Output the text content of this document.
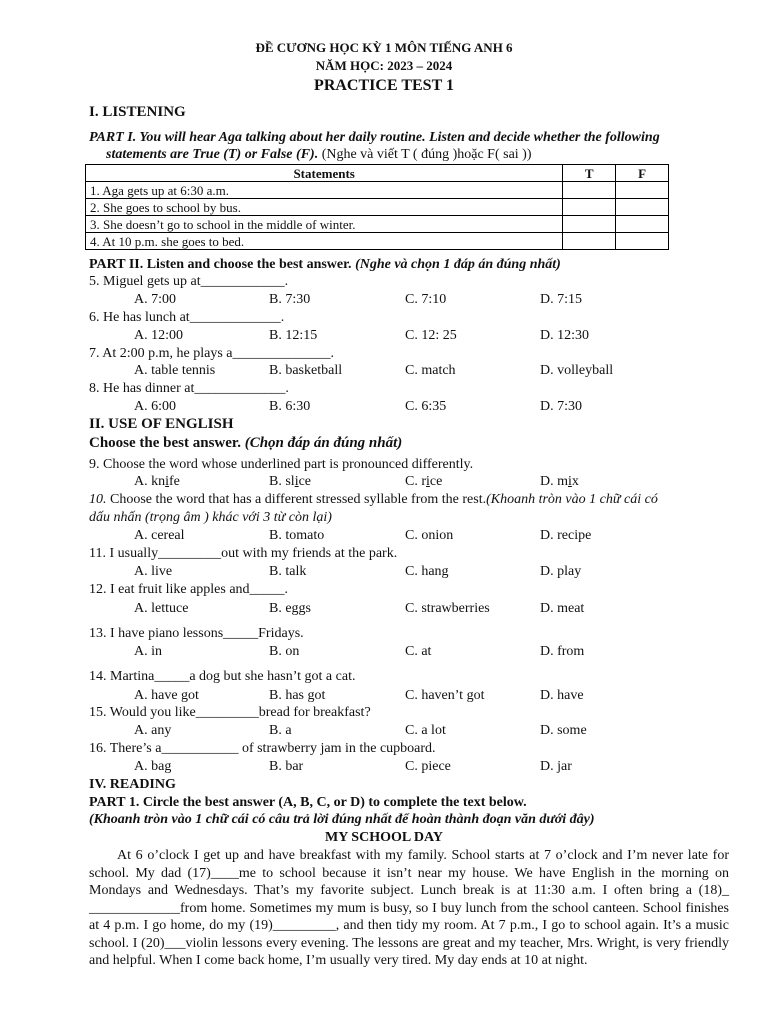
ĐỀ CƯƠNG HỌC KỲ 1 MÔN TIẾNG ANH 6
NĂM HỌC: 2023 – 2024
PRACTICE TEST 1
I. LISTENING
PART I. You will hear Aga talking about her daily routine. Listen and decide whether the following
statements are True (T) or False (F). (Nghe và viết T ( đúng )hoặc F( sai ))
Statements	T	F
1. Aga gets up at 6:30 a.m.		
2. She goes to school by bus.		
3. She doesn’t go to school in the middle of winter.		
4. At 10 p.m. she goes to bed.		
PART II. Listen and choose the best answer. (Nghe và chọn 1 đáp án đúng nhất)
5. Miguel gets up at____________.
A. 7:00	B. 7:30	C. 7:10	D. 7:15
6. He has lunch at_____________.
A. 12:00	B. 12:15	C. 12: 25	D. 12:30
7. At 2:00 p.m, he plays a______________.
A. table tennis	B. basketball	C. match	D. volleyball
8. He has dinner at_____________.
A. 6:00	B. 6:30	C. 6:35	D. 7:30
II. USE OF ENGLISH
Choose the best answer. (Chọn đáp án đúng nhất)
9. Choose the word whose underlined part is pronounced differently.
A. knife	B. slice	C. rice	D. mix
10. Choose the word that has a different stressed syllable from the rest.(Khoanh tròn vào 1 chữ cái có
dấu nhấn (trọng âm ) khác với 3 từ còn lại)
A. cereal	B. tomato	C. onion	D. recipe
11. I usually_________out with my friends at the park.
A. live	B. talk	C. hang	D. play
12. I eat fruit like apples and_____.
A. lettuce	B. eggs	C. strawberries	D. meat
13. I have piano lessons_____Fridays.
A. in	B. on	C. at	D. from
14. Martina_____a dog but she hasn’t got a cat.
A. have got	B. has got	C. haven’t got	D. have
15. Would you like_________bread for breakfast?
A. any	B. a	C. a lot	D. some
16. There’s a___________ of strawberry jam in the cupboard.
A. bag	B. bar	C. piece	D. jar
IV. READING
PART 1. Circle the best answer (A, B, C, or D) to complete the text below.
(Khoanh tròn vào 1 chữ cái có câu trả lời đúng nhất để hoàn thành đoạn văn dưới đây)
MY SCHOOL DAY
At 6 o’clock I get up and have breakfast with my family. School starts at 7 o’clock and I’m never late for school. My dad (17)____me to school because it isn’t near my house. We have English in the morning on Mondays and Wednesdays. That’s my favorite subject. Lunch break is at 11:30 a.m. I often bring a (18)_ _____________from home. Sometimes my mum is busy, so I buy lunch from the school canteen. School finishes at 4 p.m. I go home, do my (19)_________, and then tidy my room. At 7 p.m., I go to school again. It’s a music school. I (20)___violin lessons every evening. The lessons are great and my teacher, Mrs. Wright, is very friendly and helpful. When I come back home, I’m usually very tired. My day ends at 10 at night.
